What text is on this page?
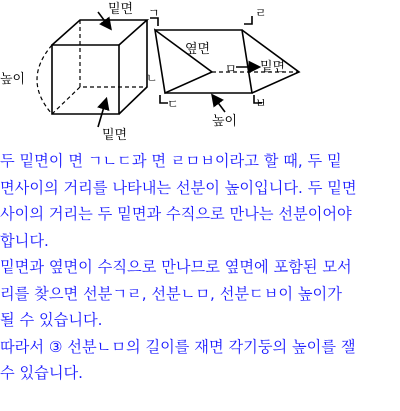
밑면
높이
밑면
옆면
ㄱ	ㄹ
ㄴ
ㅁ
ㄷ	ㅂ
밑면
높이

두 밑면이 면 ㄱㄴㄷ과 면 ㄹㅁㅂ이라고 할 때, 두 밑

면사이의 거리를 나타내는 선분이 높이입니다. 두 밑면

사이의 거리는 두 밑면과 수직으로 만나는 선분이어야

합니다.

밑면과 옆면이 수직으로 만나므로 옆면에 포함된 모서

리를 찾으면 선분ㄱㄹ, 선분ㄴㅁ, 선분ㄷㅂ이 높이가

될 수 있습니다.

따라서 ③ 선분ㄴㅁ의 길이를 재면 각기둥의 높이를 잴

수 있습니다.
